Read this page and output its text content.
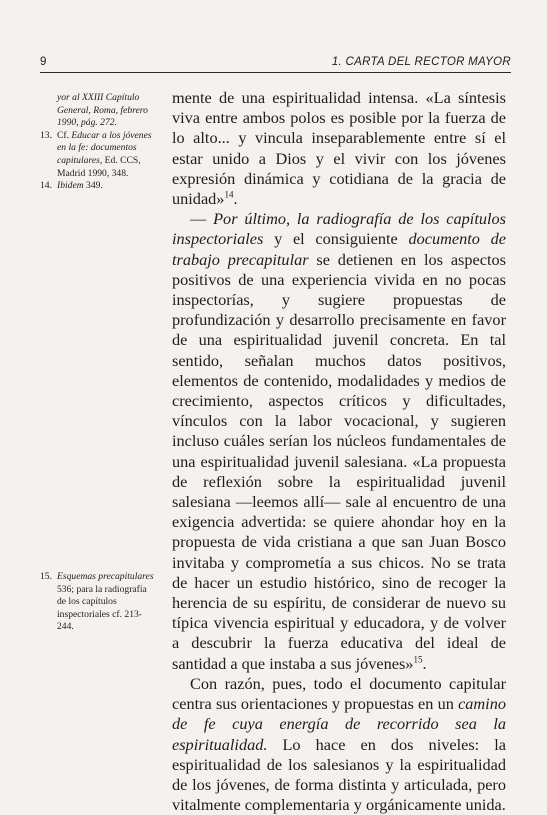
9	1. CARTA DEL RECTOR MAYOR

yor al XXIII Capítulo General, Roma, febrero 1990, pág. 272.

13. Cf. Educar a los jóvenes en la fe: documentos capitulares, Ed. CCS, Madrid 1990, 348.

14. Ibidem 349.

15. Esquemas precapitulares 536; para la radiografía de los capítulos inspectoriales cf. 213-244.

mente de una espiritualidad intensa. «La síntesis viva entre ambos polos es posible por la fuerza de lo alto... y vincula inseparablemente entre sí el estar unido a Dios y el vivir con los jóvenes expresión dinámica y cotidiana de la gracia de unidad»$^{14}$.

— Por último, la radiografía de los capítulos inspectoriales y el consiguiente documento de trabajo precapitular se detienen en los aspectos positivos de una experiencia vivida en no pocas inspectorías, y sugiere propuestas de profundización y desarrollo precisamente en favor de una espiritualidad juvenil concreta. En tal sentido, señalan muchos datos positivos, elementos de contenido, modalidades y medios de crecimiento, aspectos críticos y dificultades, vínculos con la labor vocacional, y sugieren incluso cuáles serían los núcleos fundamentales de una espiritualidad juvenil salesiana. «La propuesta de reflexión sobre la espiritualidad juvenil salesiana —leemos allí— sale al encuentro de una exigencia advertida: se quiere ahondar hoy en la propuesta de vida cristiana a que san Juan Bosco invitaba y comprometía a sus chicos. No se trata de hacer un estudio histórico, sino de recoger la herencia de su espíritu, de considerar de nuevo su típica vivencia espiritual y educadora, y de volver a descubrir la fuerza educativa del ideal de santidad a que instaba a sus jóvenes»$^{15}$.

Con razón, pues, todo el documento capitular centra sus orientaciones y propuestas en un camino de fe cuya energía de recorrido sea la espiritualidad. Lo hace en dos niveles: la espiritualidad de los salesianos y la espiritualidad de los jóvenes, de forma distinta y articulada, pero vitalmente complementaria y orgánicamente unida.
